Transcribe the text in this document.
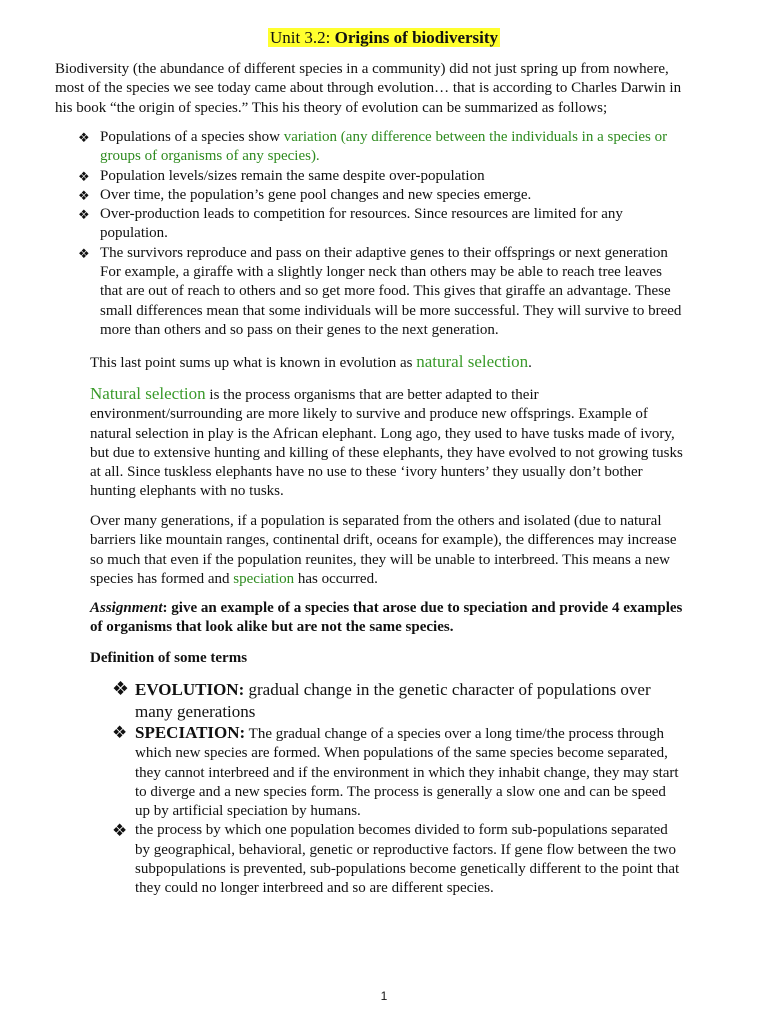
Unit 3.2: Origins of biodiversity

Biodiversity (the abundance of different species in a community) did not just spring up from nowhere, most of the species we see today came about through evolution… that is according to Charles Darwin in his book “the origin of species.” This his theory of evolution can be summarized as follows;

❖ Populations of a species show variation (any difference between the individuals in a species or groups of organisms of any species).
❖ Population levels/sizes remain the same despite over-population
❖ Over time, the population’s gene pool changes and new species emerge.
❖ Over-production leads to competition for resources. Since resources are limited for any population.
❖ The survivors reproduce and pass on their adaptive genes to their offsprings or next generation For example, a giraffe with a slightly longer neck than others may be able to reach tree leaves that are out of reach to others and so get more food. This gives that giraffe an advantage. These small differences mean that some individuals will be more successful. They will survive to breed more than others and so pass on their genes to the next generation.

This last point sums up what is known in evolution as natural selection.

Natural selection is the process organisms that are better adapted to their environment/surrounding are more likely to survive and produce new offsprings. Example of natural selection in play is the African elephant. Long ago, they used to have tusks made of ivory, but due to extensive hunting and killing of these elephants, they have evolved to not growing tusks at all. Since tuskless elephants have no use to these ‘ivory hunters’ they usually don’t bother hunting elephants with no tusks.

Over many generations, if a population is separated from the others and isolated (due to natural barriers like mountain ranges, continental drift, oceans for example), the differences may increase so much that even if the population reunites, they will be unable to interbreed. This means a new species has formed and speciation has occurred.

Assignment: give an example of a species that arose due to speciation and provide 4 examples of organisms that look alike but are not the same species.

Definition of some terms

❖ EVOLUTION: gradual change in the genetic character of populations over many generations
❖ SPECIATION: The gradual change of a species over a long time/the process through which new species are formed. When populations of the same species become separated, they cannot interbreed and if the environment in which they inhabit change, they may start to diverge and a new species form. The process is generally a slow one and can be speed up by artificial speciation by humans.
❖ the process by which one population becomes divided to form sub-populations separated by geographical, behavioral, genetic or reproductive factors. If gene flow between the two subpopulations is prevented, sub-populations become genetically different to the point that they could no longer interbreed and so are different species.
1
